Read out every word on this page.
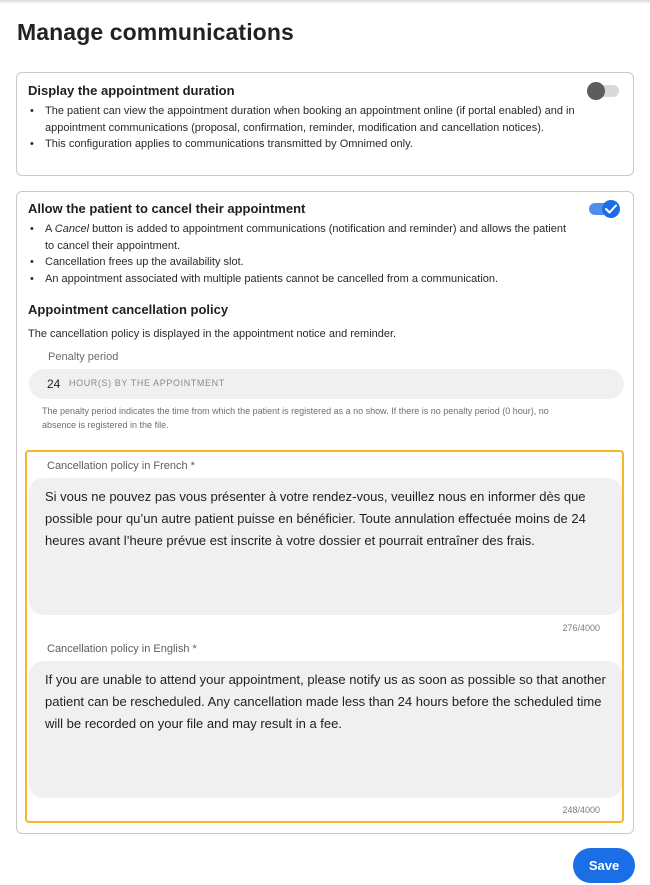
Manage communications
Display the appointment duration
• The patient can view the appointment duration when booking an appointment online (if portal enabled) and in appointment communications (proposal, confirmation, reminder, modification and cancellation notices).
• This configuration applies to communications transmitted by Omnimed only.
Allow the patient to cancel their appointment
• A Cancel button is added to appointment communications (notification and reminder) and allows the patient to cancel their appointment.
• Cancellation frees up the availability slot.
• An appointment associated with multiple patients cannot be cancelled from a communication.
Appointment cancellation policy
The cancellation policy is displayed in the appointment notice and reminder.
Penalty period
24 HOUR(S) BY THE APPOINTMENT
The penalty period indicates the time from which the patient is registered as a no show. If there is no penalty period (0 hour), no absence is registered in the file.
Cancellation policy in French *
Si vous ne pouvez pas vous présenter à votre rendez-vous, veuillez nous en informer dès que possible pour qu’un autre patient puisse en bénéficier. Toute annulation effectuée moins de 24 heures avant l’heure prévue est inscrite à votre dossier et pourrait entraîner des frais.
276/4000
Cancellation policy in English *
If you are unable to attend your appointment, please notify us as soon as possible so that another patient can be rescheduled. Any cancellation made less than 24 hours before the scheduled time will be recorded on your file and may result in a fee.
248/4000
Save
